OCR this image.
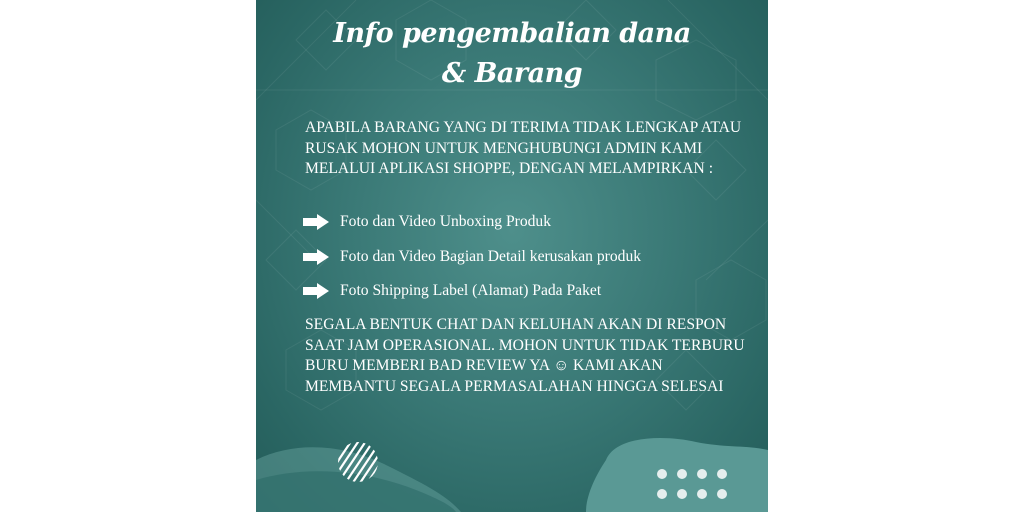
Info pengembalian dana
& Barang

APABILA BARANG YANG DI TERIMA TIDAK LENGKAP ATAU RUSAK MOHON UNTUK MENGHUBUNGI ADMIN KAMI MELALUI APLIKASI SHOPPE, DENGAN MELAMPIRKAN :

Foto dan Video Unboxing Produk
Foto dan Video Bagian Detail kerusakan produk
Foto Shipping Label (Alamat) Pada Paket

SEGALA BENTUK CHAT DAN KELUHAN AKAN DI RESPON SAAT JAM OPERASIONAL. MOHON UNTUK TIDAK TERBURU BURU MEMBERI BAD REVIEW YA ☺ KAMI AKAN MEMBANTU SEGALA PERMASALAHAN HINGGA SELESAI
